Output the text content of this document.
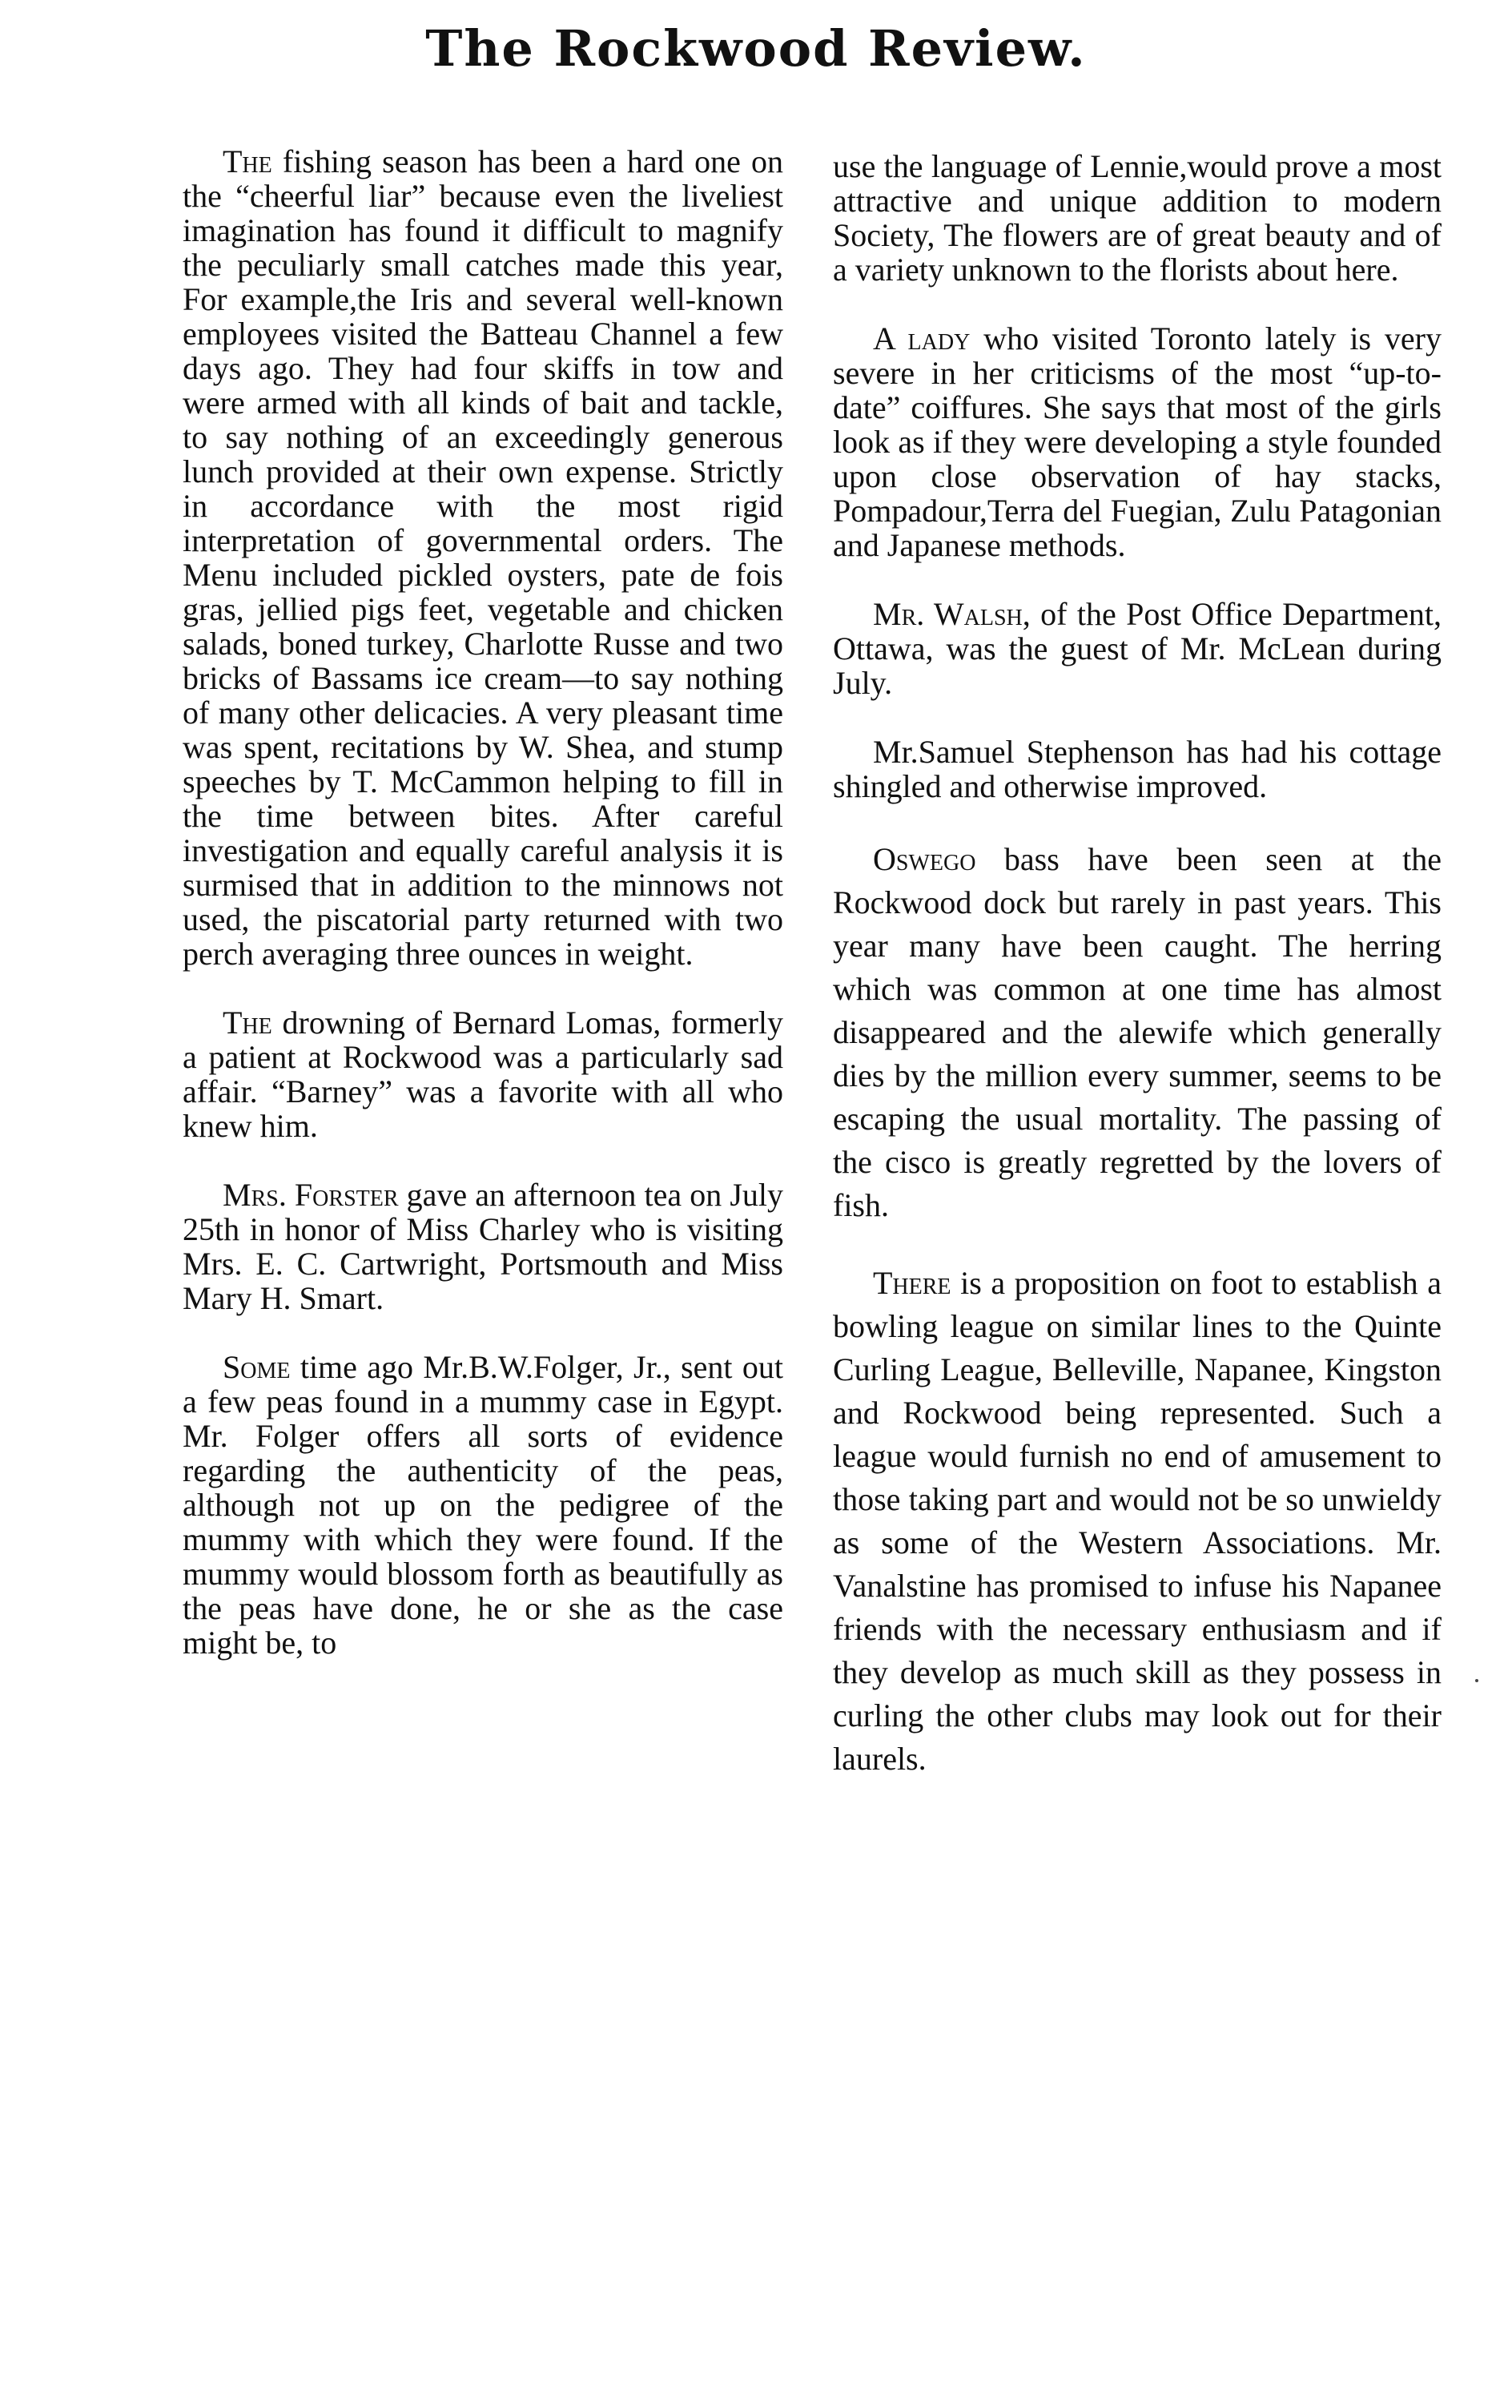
The Rockwood Review.

The fishing season has been a hard one on the “cheerful liar” because even the liveliest imagination has found it difficult to magnify the peculiarly small catches made this year, For example,the Iris and several well-known employees visited the Batteau Channel a few days ago. They had four skiffs in tow and were armed with all kinds of bait and tackle, to say nothing of an exceedingly generous lunch provided at their own expense. Strictly in accordance with the most rigid interpretation of governmental orders. The Menu included pickled oysters, pate de fois gras, jellied pigs feet, vegetable and chicken salads, boned turkey, Charlotte Russe and two bricks of Bassams ice cream—to say nothing of many other delicacies. A very pleasant time was spent, recitations by W. Shea, and stump speeches by T. McCammon helping to fill in the time between bites. After careful investigation and equally careful analysis it is surmised that in addition to the minnows not used, the piscatorial party returned with two perch averaging three ounces in weight.

The drowning of Bernard Lomas, formerly a patient at Rockwood was a particularly sad affair. “Barney” was a favorite with all who knew him.

Mrs. Forster gave an afternoon tea on July 25th in honor of Miss Charley who is visiting Mrs. E. C. Cartwright, Portsmouth and Miss Mary H. Smart.

Some time ago Mr.B.W.Folger, Jr., sent out a few peas found in a mummy case in Egypt. Mr. Folger offers all sorts of evidence regarding the authenticity of the peas, although not up on the pedigree of the mummy with which they were found. If the mummy would blossom forth as beautifully as the peas have done, he or she as the case might be, to

use the language of Lennie,would prove a most attractive and unique addition to modern Society, The flowers are of great beauty and of a variety unknown to the florists about here.

A lady who visited Toronto lately is very severe in her criticisms of the most “up-to-date” coiffures. She says that most of the girls look as if they were developing a style founded upon close observation of hay stacks, Pompadour,Terra del Fuegian, Zulu Patagonian and Japanese methods.

Mr. Walsh, of the Post Office Department, Ottawa, was the guest of Mr. McLean during July.

Mr.Samuel Stephenson has had his cottage shingled and otherwise improved.

Oswego bass have been seen at the Rockwood dock but rarely in past years. This year many have been caught. The herring which was common at one time has almost disappeared and the alewife which generally dies by the million every summer, seems to be escaping the usual mortality. The passing of the cisco is greatly regretted by the lovers of fish.

There is a proposition on foot to establish a bowling league on similar lines to the Quinte Curling League, Belleville, Napanee, Kingston and Rockwood being represented. Such a league would furnish no end of amusement to those taking part and would not be so unwieldy as some of the Western Associations. Mr. Vanalstine has promised to infuse his Napanee friends with the necessary enthusiasm and if they develop as much skill as they possess in curling the other clubs may look out for their laurels.
